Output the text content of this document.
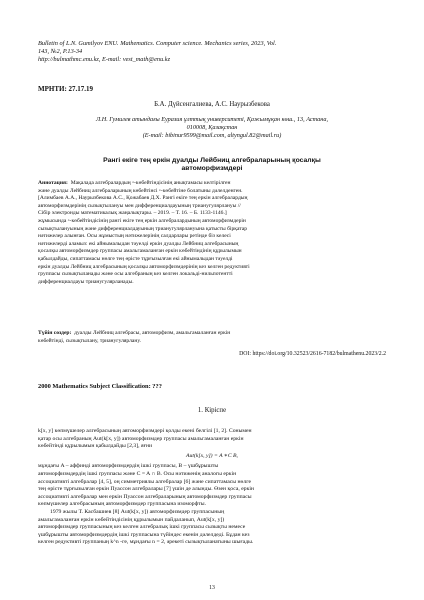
Bulletin of L.N. Gumilyov ENU. Mathematics. Computer science. Mechanics series, 2023, Vol.
143, №2, P.13-34
http://bulmathmc.enu.kz, E-mail: vest_math@enu.kz
МРНТИ: 27.17.19
Б.А. Дүйсенгалиева, А.С. Наурызбекова
Л.Н. Гумилев атындағы Еуразия ұлттық университеті, Қажымұқан көш., 13, Астана,
010008, Қазақстан
(E-mail: bibinur9599@mail.com, altyngul.82@mail.ru)
Рангі екіге тең еркін дуалды Лейбниц алгебраларының қосалқы
автоморфизмдері
Аннотация: Мақалада алгебралардың ◦-көбейтіндісінің анықтамасы келтірілген
және дуалды Лейбниц алгебраларының көбейтінсі ◦-көбейтіне болатыны дәлелденген.
[Алимбаев А.А., Наурызбекова А.С., Қожабаев Д.Х. Рангі екіге тең еркін алгебралардың
автоморфизмдерінің сызықтылануы мен дифференциалдауының трианугулярлануы //
Сібір электронды математикалық жаңалықтары. – 2019. – Т. 16. – Б. 1133-1146.]
жұмысында ◦-көбейтіндісінің рангі екіге тең еркін алгебралардының автоморфизмдерін
сызықтылануының және дифференциалдауының трианугулярлануына қатысты бірқатар
нәтижелер алынған. Осы жұмыстың нәтижелерінің салдарлары ретінде біз келесі
нәтижелерді аламыз: екі айнымалыдан тәуелді еркін дуалды Лейбниц алгебрасының
қосалқы автоморфизмдер группасы амальгамаланған еркін көбейтіндінің құрылымын
қабылдайды, сипаттамасы нөлге тең өрісте тұрғызылған екі айнымалыдан тәуелді
еркін дуалды Лейбниц алгебрасының қосалқы автоморфизмдерінің кез келген редуктивті
группасы сызықтыланады және осы алгебраның кез келген локальді-нильпотентті
дифференциалдауы трианугулярланады.
Түйін сөздер: дуалды Лейбниц алгебрасы, автоморфизм, амальгамаланған еркін
көбейтінді, сызықтылану, трианугулярлану.
DOI: https://doi.org/10.32523/2616-7182/bulmathenu.2023/2.2
2000 Mathematics Subject Classification: ???
1. Кіріспе

k[x, y] көпмүшелер алгебрасының автоморфизмдері қолды екені белгілі [1, 2]. Сонымен
қатар осы алгебраның Aut(k[x, y]) автоморфизмдер группасы амальгамаланған еркін
көбейтінді құрылымын қабылдайды [2,3], яғни

Aut(k[x, y]) = A ∗C B,

мұндағы A – аффинді автоморфизмдердің ішкі группасы, B – үшбұрышты
автоморфизмдердің ішкі группасы және C = A ∩ B. Осы нәтиженің аналогы еркін
ассоциативті алгебралар [4, 5], оң симметриялы алгебралар [6] және сипаттамасы нөлге
тең өрісте тұрғызылған еркін Пуассон алгебралары [7] үшін де алынды. Өзен қоса, еркін
ассоциативті алгебралар мен еркін Пуассон алгебраларының автоморфизмдер группасы
көпмүшелер алгебрасының автоморфизмдер группасына изоморфты.

1979 жылы Т. Касбашиев [8] Aut(k[x, y]) автоморфизмдер группасының
амальгамаланған еркін көбейтіндісінің құрылымын пайдаланып, Aut(k[x, y])
автоморфизмдер группасының кез келген алгебралық ішкі группасы сызықты немесе
үшбұрышты автоморфизмдердің ішкі группасына түйіндес екенін дәлелдеді. Бұдан кез
келген редуктивті группаның k^n -ге, мұндағы n = 2, әрекеті сызықтыланатыны шығады.

13
